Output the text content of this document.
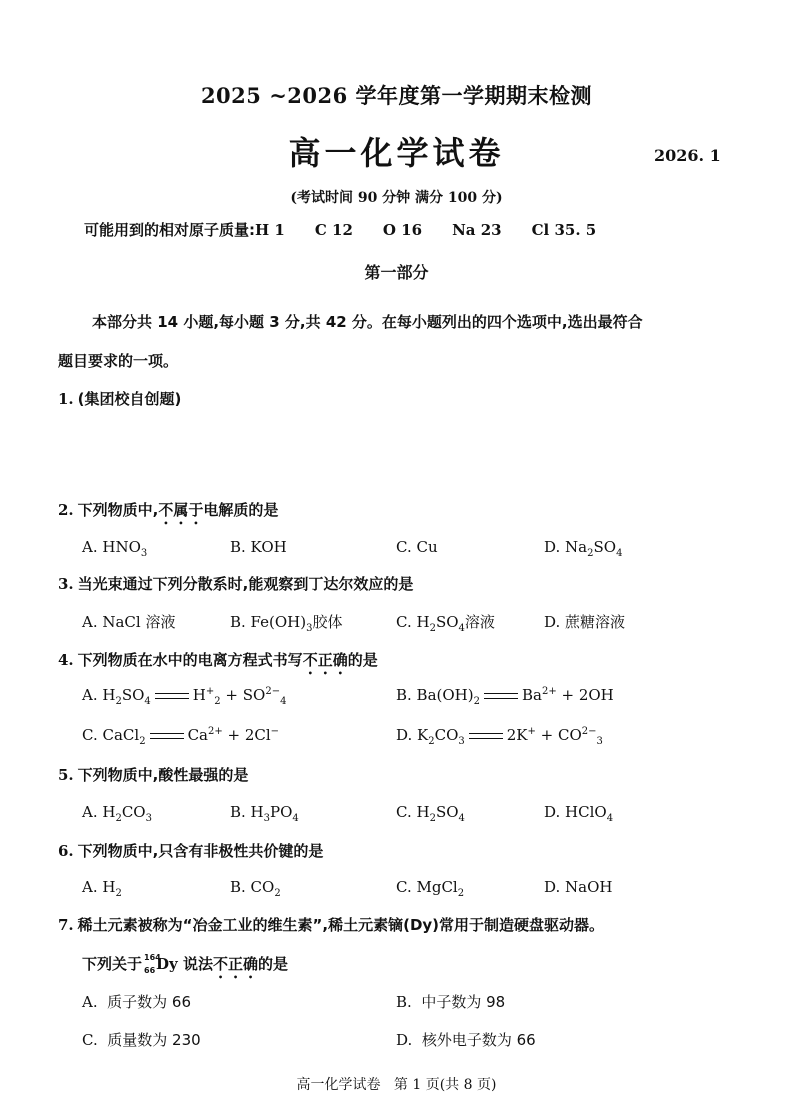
2025 ~2026 学年度第一学期期末检测
高一化学试卷	2026. 1
(考试时间 90 分钟 满分 100 分)
可能用到的相对原子质量:H 1 C 12 O 16 Na 23 Cl 35. 5
第一部分
本部分共 14 小题,每小题 3 分,共 42 分。在每小题列出的四个选项中,选出最符合
题目要求的一项。
1. (集团校自创题)
2. 下列物质中,不属于电解质的是
A. $HNO_3$	B. KOH	C. Cu	D. $Na_2SO_4$
3. 当光束通过下列分散系时,能观察到丁达尔效应的是
A. NaCl 溶液	B. $Fe(OH)_3$胶体	C. $H_2SO_4$溶液	D. 蔗糖溶液
4. 下列物质在水中的电离方程式书写不正确的是
A. $H_2SO_4$	$H^+_2 + SO^{2-}_4$	B. $Ba(OH)_2$	$Ba^{2+} + 2OH$
C. CaCl$_2$	$Ca^{2+} + 2Cl^-$	D. $K_2CO_3$	$2K^+ + CO^{2-}_3$
5. 下列物质中,酸性最强的是
A. $H_2CO_3$	B. $H_3PO_4$	C. $H_2SO_4$	D. HClO$_4$
6. 下列物质中,只含有非极性共价键的是
A. $H_2$	B. $CO_2$	C. MgCl$_2$	D. NaOH
7. 稀土元素被称为“冶金工业的维生素”,稀土元素镝(Dy)常用于制造硬盘驱动器。
下列关于 164
66 Dy 说法不正确的是
A. 质子数为 66	B. 中子数为 98
C. 质量数为 230	D. 核外电子数为 66
高一化学试卷 第 1 页(共 8 页)
